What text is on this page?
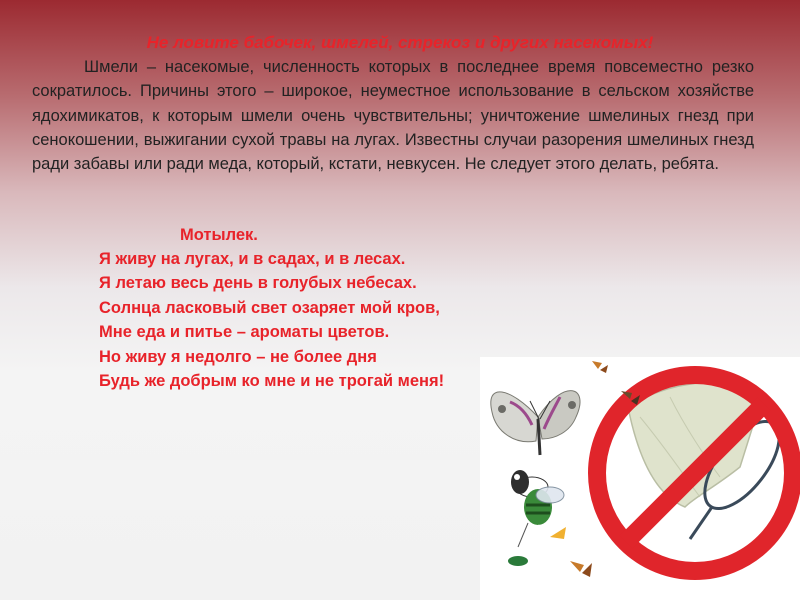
Не ловите бабочек, шмелей, стрекоз и других насекомых!

Шмели – насекомые, численность которых в последнее время повсеместно резко сократилось. Причины этого – широкое, неуместное использование в сельском хозяйстве ядохимикатов, к которым шмели очень чувствительны; уничтожение шмелиных гнезд при сенокошении, выжигании сухой травы на лугах. Известны случаи разорения шмелиных гнезд ради забавы или ради меда, который, кстати, невкусен. Не следует этого делать, ребята.

Мотылек.

Я живу на лугах, и в садах, и в лесах.
Я летаю весь день в голубых небесах.
Солнца ласковый свет озаряет мой кров,
Мне еда и питье – ароматы цветов.
Но живу я недолго – не более дня
Будь же добрым ко мне и не трогай меня!
